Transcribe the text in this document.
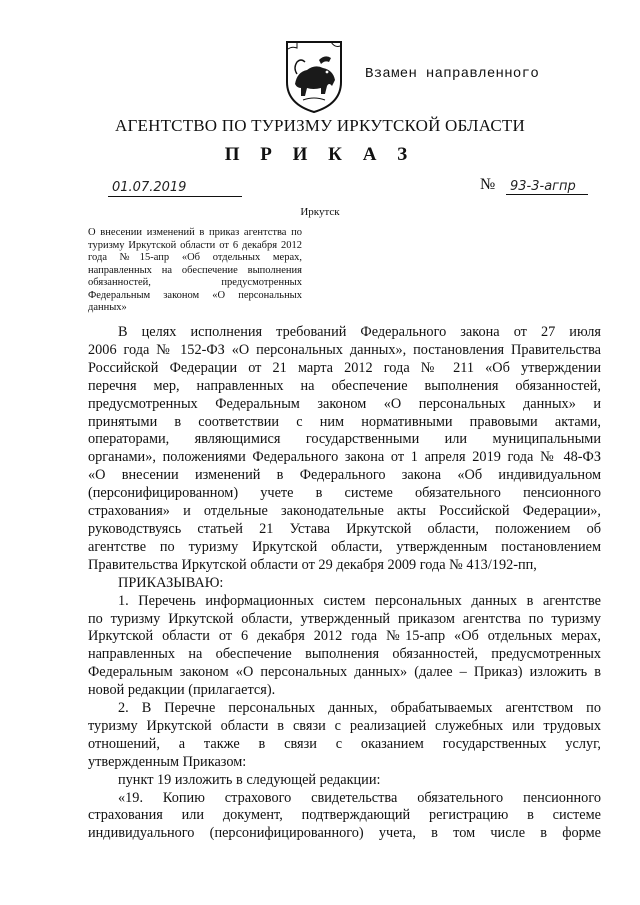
Взамен направленного
АГЕНТСТВО ПО ТУРИЗМУ ИРКУТСКОЙ ОБЛАСТИ
П Р И К А З
01.07.2019	№	93-3-агпр
Иркутск
О внесении изменений в приказ агентства по
туризму Иркутской области от 6 декабря 2012
года №15-апр «Об отдельных мерах,
направленных на обеспечение выполнения
обязанностей, предусмотренных
Федеральным законом «О персональных
данных»
В целях исполнения требований Федерального закона от 27 июля
2006 года № 152-ФЗ «О персональных данных», постановления Правительства
Российской Федерации от 21 марта 2012 года № 211 «Об утверждении
перечня мер, направленных на обеспечение выполнения обязанностей,
предусмотренных Федеральным законом «О персональных данных» и
принятыми в соответствии с ним нормативными правовыми актами,
операторами, являющимися государственными или муниципальными
органами», положениями Федерального закона от 1 апреля 2019 года № 48-ФЗ
«О внесении изменений в Федерального закона «Об индивидуальном
(персонифицированном) учете в системе обязательного пенсионного
страхования» и отдельные законодательные акты Российской Федерации»,
руководствуясь статьей 21 Устава Иркутской области, положением об
агентстве по туризму Иркутской области, утвержденным постановлением
Правительства Иркутской области от 29 декабря 2009 года № 413/192-пп,
ПРИКАЗЫВАЮ:
1. Перечень информационных систем персональных данных в агентстве
по туризму Иркутской области, утвержденный приказом агентства по туризму
Иркутской области от 6 декабря 2012 года №15-апр «Об отдельных мерах,
направленных на обеспечение выполнения обязанностей, предусмотренных
Федеральным законом «О персональных данных» (далее – Приказ) изложить в
новой редакции (прилагается).
2. В Перечне персональных данных, обрабатываемых агентством по
туризму Иркутской области в связи с реализацией служебных или трудовых
отношений, а также в связи с оказанием государственных услуг,
утвержденным Приказом:
пункт 19 изложить в следующей редакции:
«19. Копию страхового свидетельства обязательного пенсионного
страхования или документ, подтверждающий регистрацию в системе
индивидуального (персонифицированного) учета, в том числе в форме
